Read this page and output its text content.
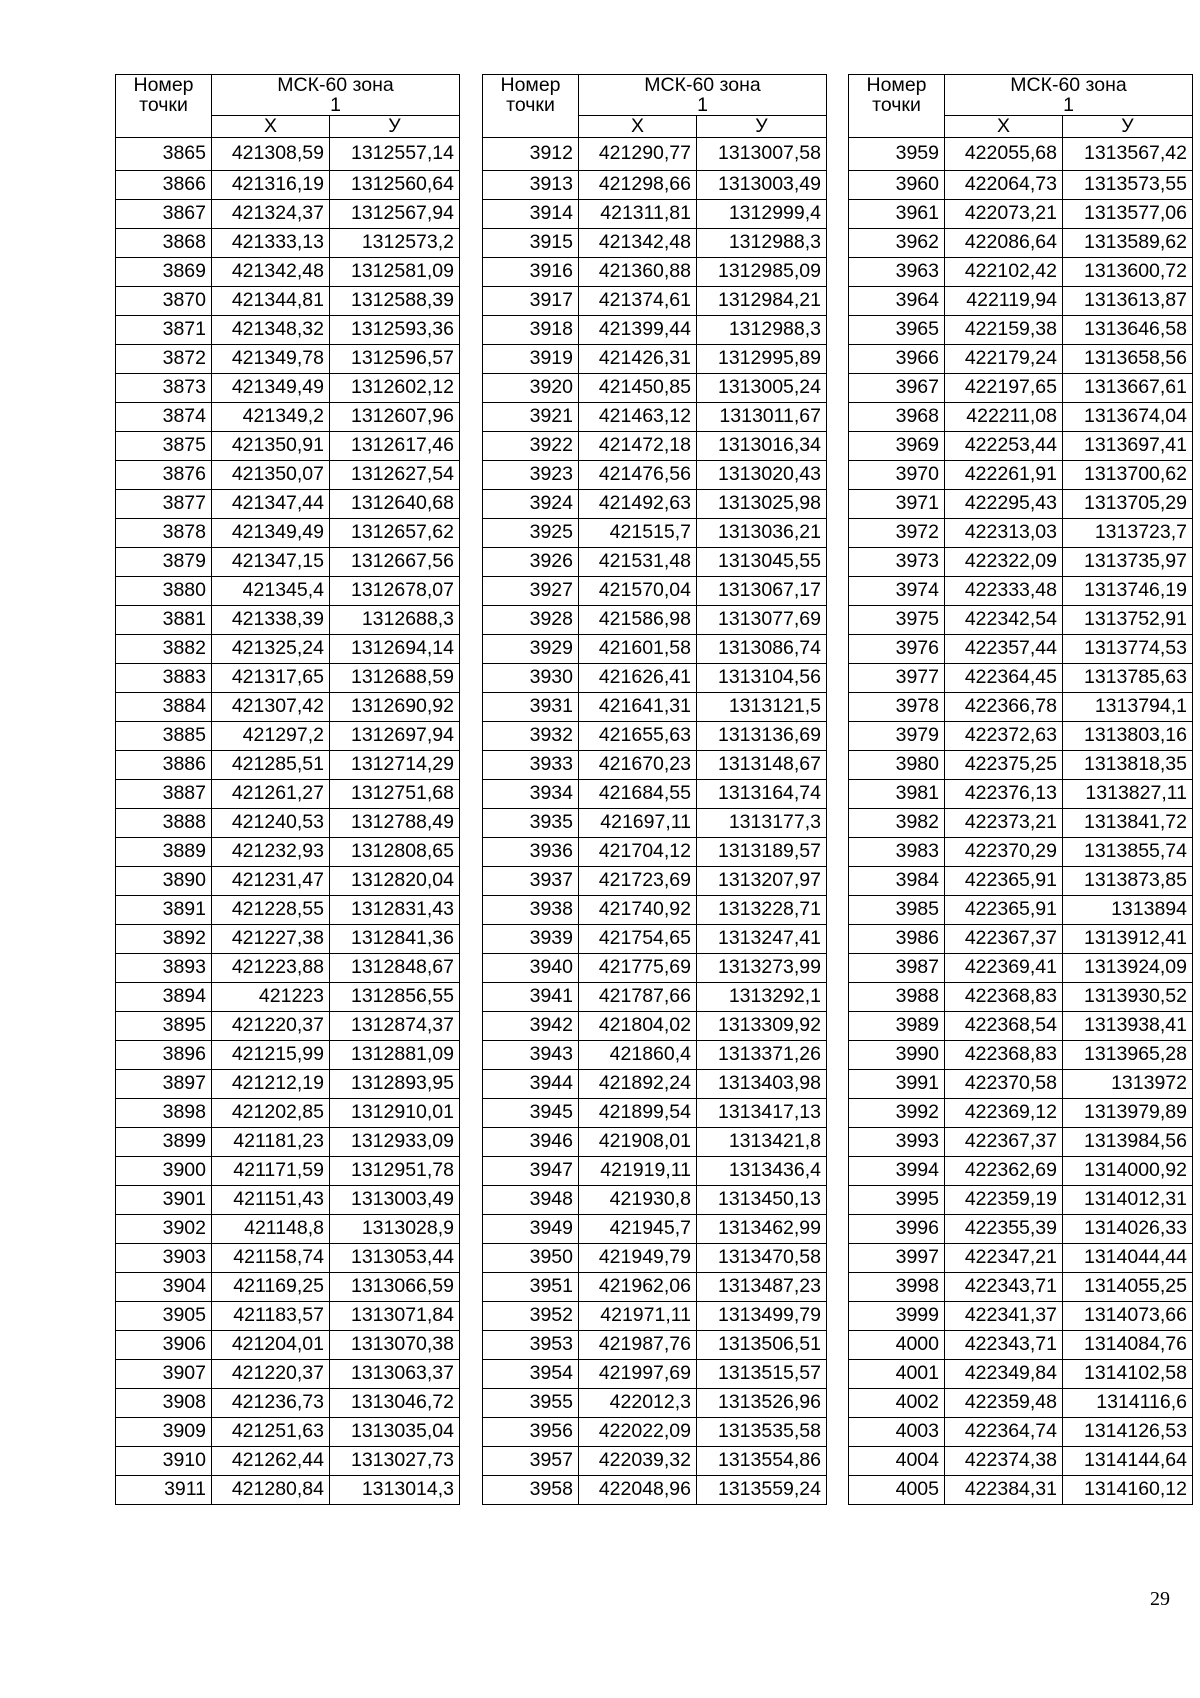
Номер
точки	МСК-60 зона
1	

	Х	У
3865	421308,59	1312557,14
3866	421316,19	1312560,64
3867	421324,37	1312567,94
3868	421333,13	1312573,2
3869	421342,48	1312581,09
3870	421344,81	1312588,39
3871	421348,32	1312593,36
3872	421349,78	1312596,57
3873	421349,49	1312602,12
3874	421349,2	1312607,96
3875	421350,91	1312617,46
3876	421350,07	1312627,54
3877	421347,44	1312640,68
3878	421349,49	1312657,62
3879	421347,15	1312667,56
3880	421345,4	1312678,07
3881	421338,39	1312688,3
3882	421325,24	1312694,14
3883	421317,65	1312688,59
3884	421307,42	1312690,92
3885	421297,2	1312697,94
3886	421285,51	1312714,29
3887	421261,27	1312751,68
3888	421240,53	1312788,49
3889	421232,93	1312808,65
3890	421231,47	1312820,04
3891	421228,55	1312831,43
3892	421227,38	1312841,36
3893	421223,88	1312848,67
3894	421223	1312856,55
3895	421220,37	1312874,37
3896	421215,99	1312881,09
3897	421212,19	1312893,95
3898	421202,85	1312910,01
3899	421181,23	1312933,09
3900	421171,59	1312951,78
3901	421151,43	1313003,49
3902	421148,8	1313028,9
3903	421158,74	1313053,44
3904	421169,25	1313066,59
3905	421183,57	1313071,84
3906	421204,01	1313070,38
3907	421220,37	1313063,37
3908	421236,73	1313046,72
3909	421251,63	1313035,04
3910	421262,44	1313027,73
3911	421280,84	1313014,3
Номер
точки	МСК-60 зона
1	

	Х	У
3912	421290,77	1313007,58
3913	421298,66	1313003,49
3914	421311,81	1312999,4
3915	421342,48	1312988,3
3916	421360,88	1312985,09
3917	421374,61	1312984,21
3918	421399,44	1312988,3
3919	421426,31	1312995,89
3920	421450,85	1313005,24
3921	421463,12	1313011,67
3922	421472,18	1313016,34
3923	421476,56	1313020,43
3924	421492,63	1313025,98
3925	421515,7	1313036,21
3926	421531,48	1313045,55
3927	421570,04	1313067,17
3928	421586,98	1313077,69
3929	421601,58	1313086,74
3930	421626,41	1313104,56
3931	421641,31	1313121,5
3932	421655,63	1313136,69
3933	421670,23	1313148,67
3934	421684,55	1313164,74
3935	421697,11	1313177,3
3936	421704,12	1313189,57
3937	421723,69	1313207,97
3938	421740,92	1313228,71
3939	421754,65	1313247,41
3940	421775,69	1313273,99
3941	421787,66	1313292,1
3942	421804,02	1313309,92
3943	421860,4	1313371,26
3944	421892,24	1313403,98
3945	421899,54	1313417,13
3946	421908,01	1313421,8
3947	421919,11	1313436,4
3948	421930,8	1313450,13
3949	421945,7	1313462,99
3950	421949,79	1313470,58
3951	421962,06	1313487,23
3952	421971,11	1313499,79
3953	421987,76	1313506,51
3954	421997,69	1313515,57
3955	422012,3	1313526,96
3956	422022,09	1313535,58
3957	422039,32	1313554,86
3958	422048,96	1313559,24
Номер
точки	МСК-60 зона
1	

	Х	У
3959	422055,68	1313567,42
3960	422064,73	1313573,55
3961	422073,21	1313577,06
3962	422086,64	1313589,62
3963	422102,42	1313600,72
3964	422119,94	1313613,87
3965	422159,38	1313646,58
3966	422179,24	1313658,56
3967	422197,65	1313667,61
3968	422211,08	1313674,04
3969	422253,44	1313697,41
3970	422261,91	1313700,62
3971	422295,43	1313705,29
3972	422313,03	1313723,7
3973	422322,09	1313735,97
3974	422333,48	1313746,19
3975	422342,54	1313752,91
3976	422357,44	1313774,53
3977	422364,45	1313785,63
3978	422366,78	1313794,1
3979	422372,63	1313803,16
3980	422375,25	1313818,35
3981	422376,13	1313827,11
3982	422373,21	1313841,72
3983	422370,29	1313855,74
3984	422365,91	1313873,85
3985	422365,91	1313894
3986	422367,37	1313912,41
3987	422369,41	1313924,09
3988	422368,83	1313930,52
3989	422368,54	1313938,41
3990	422368,83	1313965,28
3991	422370,58	1313972
3992	422369,12	1313979,89
3993	422367,37	1313984,56
3994	422362,69	1314000,92
3995	422359,19	1314012,31
3996	422355,39	1314026,33
3997	422347,21	1314044,44
3998	422343,71	1314055,25
3999	422341,37	1314073,66
4000	422343,71	1314084,76
4001	422349,84	1314102,58
4002	422359,48	1314116,6
4003	422364,74	1314126,53
4004	422374,38	1314144,64
4005	422384,31	1314160,12
29
